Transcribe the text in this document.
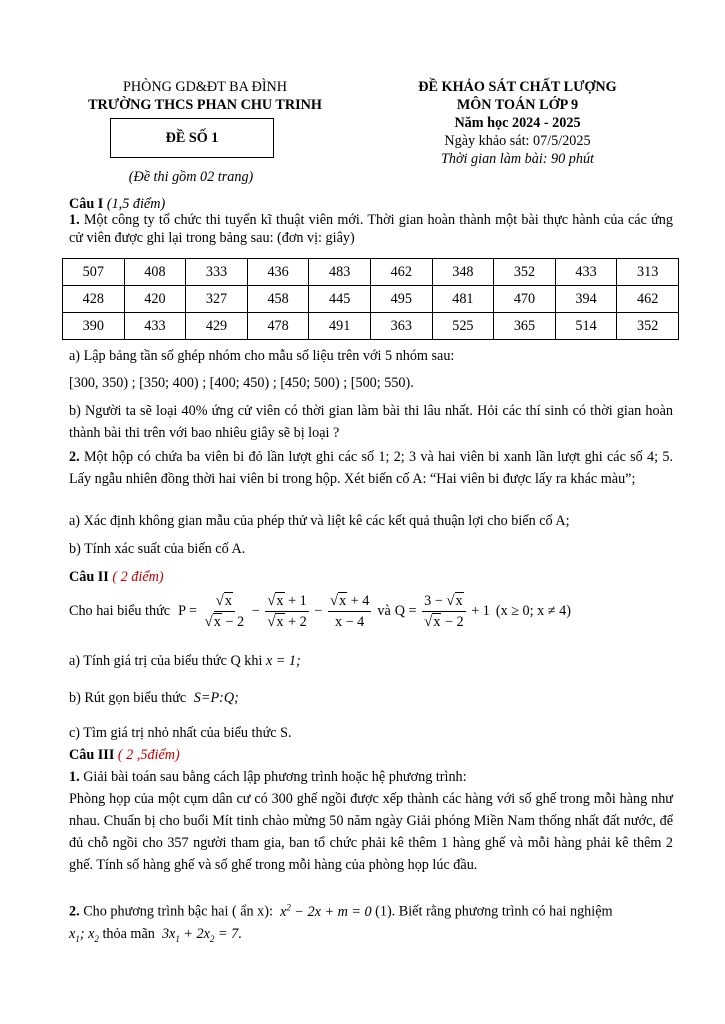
PHÒNG GD&ĐT BA ĐÌNH
TRƯỜNG THCS PHAN CHU TRINH
ĐỀ SỐ 1
(Đề thi gồm 02 trang)
ĐỀ KHẢO SÁT CHẤT LƯỢNG
MÔN TOÁN LỚP 9
Năm học 2024 - 2025
Ngày khảo sát: 07/5/2025
Thời gian làm bài: 90 phút
Câu I (1,5 điểm)
1. Một công ty tổ chức thi tuyển kĩ thuật viên mới. Thời gian hoàn thành một bài thực hành của các ứng cử viên được ghi lại trong bảng sau: (đơn vị: giây)
507	408	333	436	483	462	348	352	433	313
428	420	327	458	445	495	481	470	394	462
390	433	429	478	491	363	525	365	514	352
a) Lập bảng tần số ghép nhóm cho mẫu số liệu trên với 5 nhóm sau:
[300, 350) ; [350; 400) ; [400; 450) ; [450; 500) ; [500; 550).
b) Người ta sẽ loại 40% ứng cử viên có thời gian làm bài thi lâu nhất. Hỏi các thí sinh có thời gian hoàn thành bài thi trên với bao nhiêu giây sẽ bị loại ?
2. Một hộp có chứa ba viên bi đỏ lần lượt ghi các số 1; 2; 3 và hai viên bi xanh lần lượt ghi các số 4; 5. Lấy ngẫu nhiên đồng thời hai viên bi trong hộp. Xét biến cố A: “Hai viên bi được lấy ra khác màu”;
a) Xác định không gian mẫu của phép thử và liệt kê các kết quả thuận lợi cho biến cố A;
b) Tính xác suất của biến cố A.
Câu II ( 2 điểm)
Cho hai biểu thức $P = \frac{√x}{√x - 2} - \frac{√x + 1}{√x + 2} - \frac{√x + 4}{x - 4}$ và $Q = \frac{3 - √x}{√x - 2} + 1$ (x ≥ 0; x ≠ 4)
a) Tính giá trị của biểu thức Q khi x = 1;
b) Rút gọn biểu thức S=P:Q;
c) Tìm giá trị nhỏ nhất của biểu thức S.
Câu III ( 2 ,5điểm)
1. Giải bài toán sau bằng cách lập phương trình hoặc hệ phương trình:
Phòng họp của một cụm dân cư có 300 ghế ngồi được xếp thành các hàng với số ghế trong mỗi hàng như nhau. Chuẩn bị cho buổi Mít tinh chào mừng 50 năm ngày Giải phóng Miền Nam thống nhất đất nước, để đủ chỗ ngồi cho 357 người tham gia, ban tổ chức phải kê thêm 1 hàng ghế và mỗi hàng phải kê thêm 2 ghế. Tính số hàng ghế và số ghế trong mỗi hàng của phòng họp lúc đầu.
2. Cho phương trình bậc hai ( ẩn x):  $x^2 - 2x + m = 0$ (1). Biết rằng phương trình có hai nghiệm
$x_1$; $x_2$ thỏa mãn  $3x_1 + 2x_2 = 7$.
